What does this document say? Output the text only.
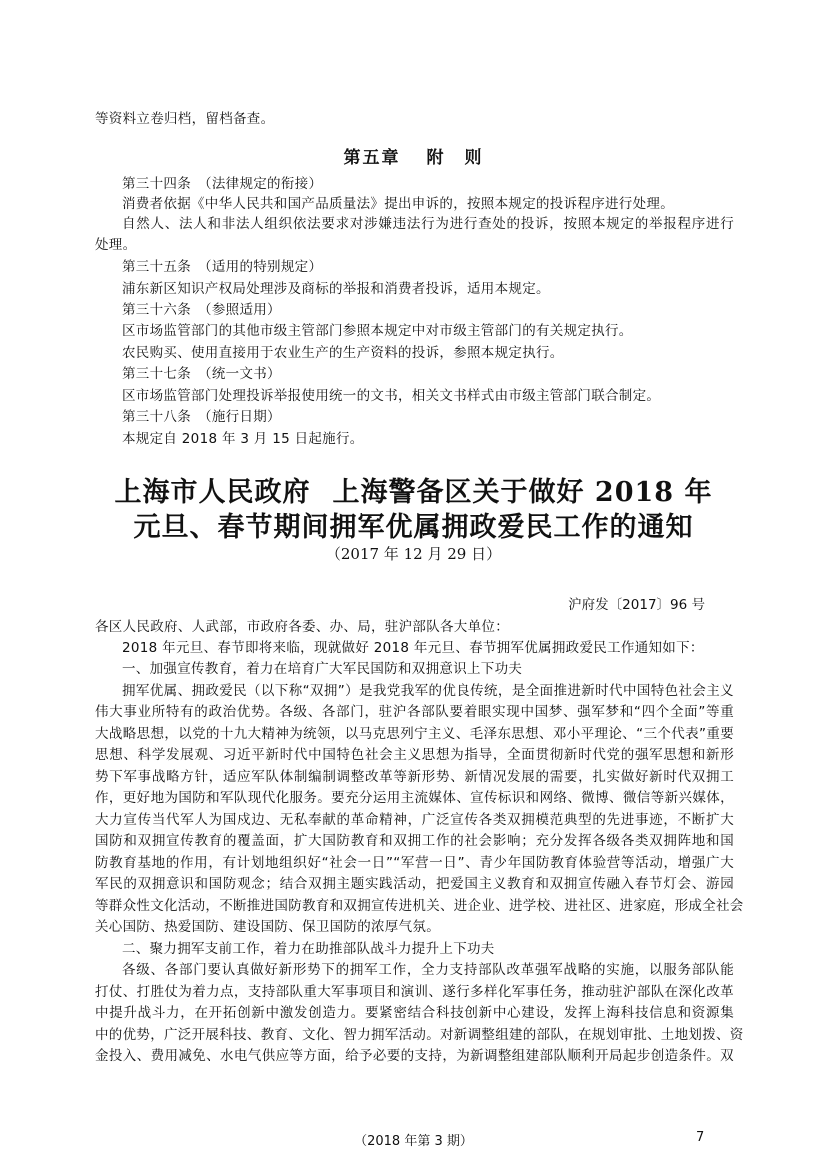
等资料立卷归档，留档备查。
第五章 附　则
第三十四条　（法律规定的衔接）
消费者依据《中华人民共和国产品质量法》提出申诉的，按照本规定的投诉程序进行处理。
自然人、法人和非法人组织依法要求对涉嫌违法行为进行查处的投诉，按照本规定的举报程序进行
处理。
第三十五条　（适用的特别规定）
浦东新区知识产权局处理涉及商标的举报和消费者投诉，适用本规定。
第三十六条　（参照适用）
区市场监管部门的其他市级主管部门参照本规定中对市级主管部门的有关规定执行。
农民购买、使用直接用于农业生产的生产资料的投诉，参照本规定执行。
第三十七条　（统一文书）
区市场监管部门处理投诉举报使用统一的文书，相关文书样式由市级主管部门联合制定。
第三十八条　（施行日期）
本规定自 2018 年 3 月 15 日起施行。
上海市人民政府 上海警备区关于做好 2018 年
元旦、春节期间拥军优属拥政爱民工作的通知
（2017 年 12 月 29 日）
沪府发〔2017〕96 号
各区人民政府、人武部，市政府各委、办、局，驻沪部队各大单位：
2018 年元旦、春节即将来临，现就做好 2018 年元旦、春节拥军优属拥政爱民工作通知如下：
一、加强宣传教育，着力在培育广大军民国防和双拥意识上下功夫
拥军优属、拥政爱民（以下称“双拥”）是我党我军的优良传统，是全面推进新时代中国特色社会主义
伟大事业所特有的政治优势。各级、各部门，驻沪各部队要着眼实现中国梦、强军梦和“四个全面”等重
大战略思想，以党的十九大精神为统领，以马克思列宁主义、毛泽东思想、邓小平理论、“三个代表”重要
思想、科学发展观、习近平新时代中国特色社会主义思想为指导，全面贯彻新时代党的强军思想和新形
势下军事战略方针，适应军队体制编制调整改革等新形势、新情况发展的需要，扎实做好新时代双拥工
作，更好地为国防和军队现代化服务。要充分运用主流媒体、宣传标识和网络、微博、微信等新兴媒体，
大力宣传当代军人为国戍边、无私奉献的革命精神，广泛宣传各类双拥模范典型的先进事迹，不断扩大
国防和双拥宣传教育的覆盖面，扩大国防教育和双拥工作的社会影响；充分发挥各级各类双拥阵地和国
防教育基地的作用，有计划地组织好“社会一日”“军营一日”、青少年国防教育体验营等活动，增强广大
军民的双拥意识和国防观念；结合双拥主题实践活动，把爱国主义教育和双拥宣传融入春节灯会、游园
等群众性文化活动，不断推进国防教育和双拥宣传进机关、进企业、进学校、进社区、进家庭，形成全社会
关心国防、热爱国防、建设国防、保卫国防的浓厚气氛。
二、聚力拥军支前工作，着力在助推部队战斗力提升上下功夫
各级、各部门要认真做好新形势下的拥军工作，全力支持部队改革强军战略的实施，以服务部队能
打仗、打胜仗为着力点，支持部队重大军事项目和演训、遂行多样化军事任务，推动驻沪部队在深化改革
中提升战斗力，在开拓创新中激发创造力。要紧密结合科技创新中心建设，发挥上海科技信息和资源集
中的优势，广泛开展科技、教育、文化、智力拥军活动。对新调整组建的部队，在规划审批、土地划拨、资
金投入、费用减免、水电气供应等方面，给予必要的支持，为新调整组建部队顺利开局起步创造条件。双
（2018 年第 3 期）	7
